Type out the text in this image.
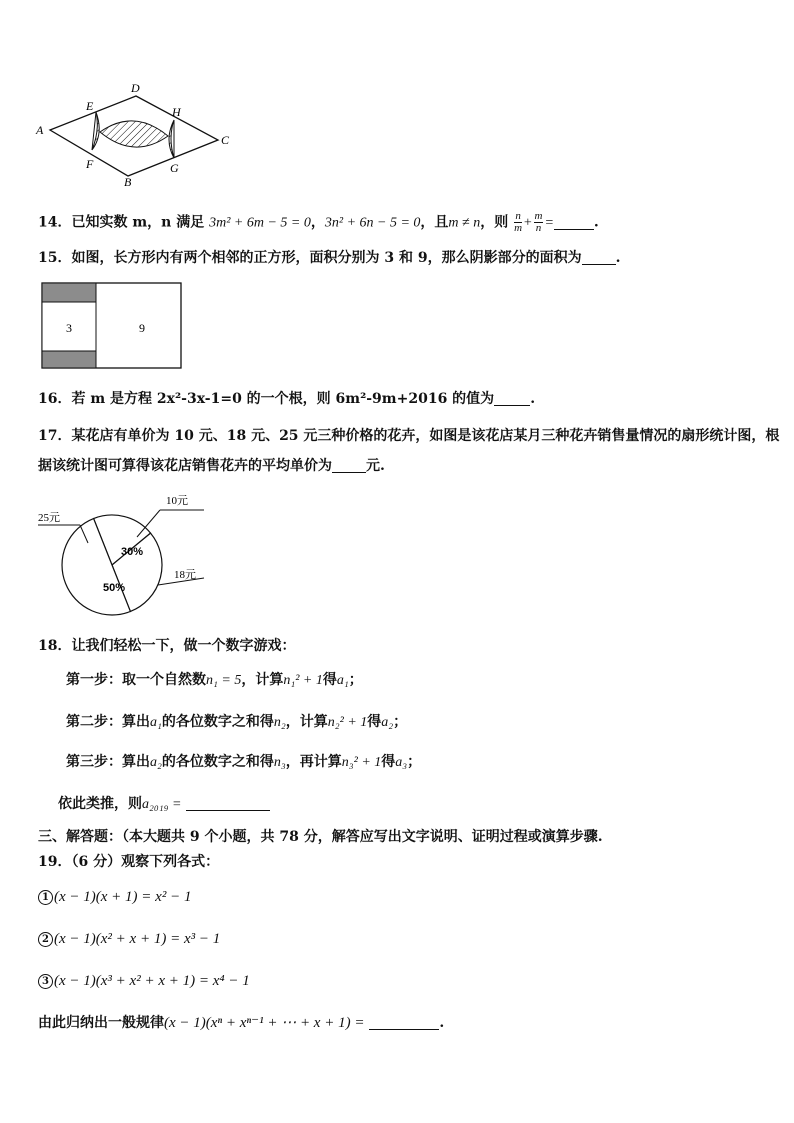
A
D
E	H
C
F	G
B
14．已知实数 m，n 满足 3m² + 6m − 5 = 0，3n² + 6n − 5 = 0，且m ≠ n，则 $\frac{n}{m} + \frac{m}{n}$ =	.
15．如图，长方形内有两个相邻的正方形，面积分别为 3 和 9，那么阴影部分的面积为 .
3	9
16．若 m 是方程 2x²-3x-1=0 的一个根，则 6m²-9m+2016 的值为	.
17．某花店有单价为 10 元、18 元、25 元三种价格的花卉，如图是该花店某月三种花卉销售量情况的扇形统计图，根
据该统计图可算得该花店销售花卉的平均单价为 元.
10元
18元
25元
30%
50%
18．让我们轻松一下，做一个数字游戏：
第一步：取一个自然数n₁ = 5，计算n₁² + 1得a₁；
第二步：算出a₁的各位数字之和得n₂，计算n₂² + 1得a₂；
第三步：算出a₂的各位数字之和得n₃，再计算n₃² + 1得a₃；
依此类推，则a₂₀₁₉ =
三、解答题：（本大题共 9 个小题，共 78 分，解答应写出文字说明、证明过程或演算步骤.
19．（6 分）观察下列各式：
1 (x − 1)(x + 1) = x² − 1
2 (x − 1)(x² + x + 1) = x³ − 1
3 (x − 1)(x³ + x² + x + 1) = x⁴ − 1
由此归纳出一般规律(x − 1)(xⁿ + xⁿ⁻¹ + ⋯ + x + 1) =	.
